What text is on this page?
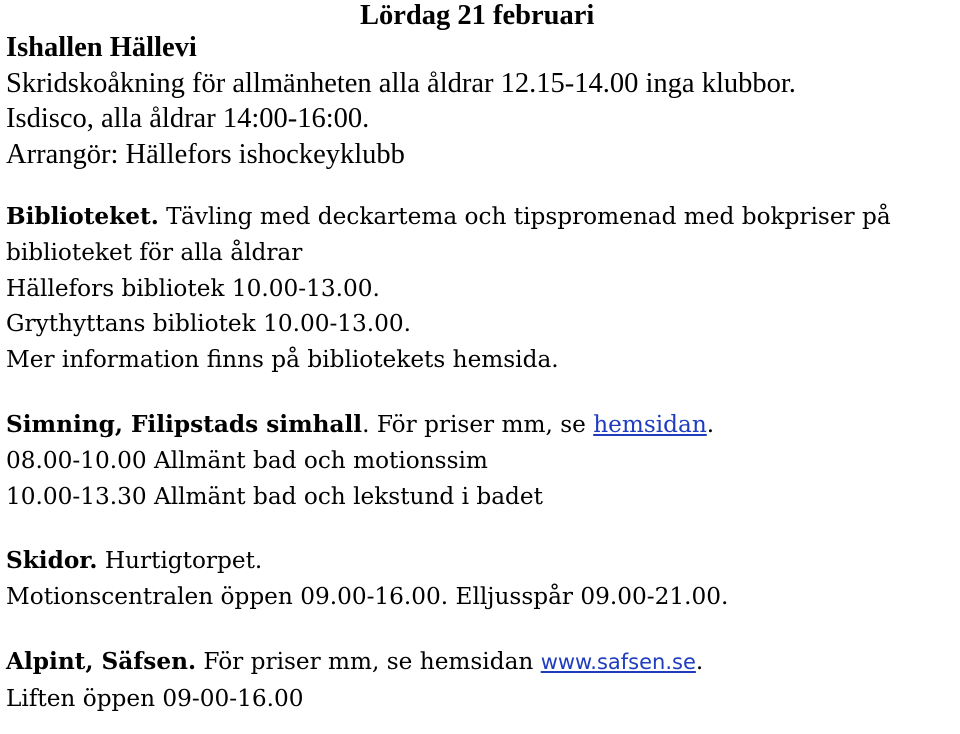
Lördag 21 februari

Ishallen Hällevi

Skridskoåkning för allmänheten alla åldrar 12.15-14.00 inga klubbor.

Isdisco, alla åldrar 14:00-16:00.

Arrangör: Hällefors ishockeyklubb

Biblioteket. Tävling med deckartema och tipspromenad med bokpriser på

biblioteket för alla åldrar

Hällefors bibliotek 10.00-13.00.

Grythyttans bibliotek 10.00-13.00.

Mer information finns på bibliotekets hemsida.

Simning, Filipstads simhall. För priser mm, se hemsidan.

08.00-10.00 Allmänt bad och motionssim

10.00-13.30 Allmänt bad och lekstund i badet

Skidor. Hurtigtorpet.

Motionscentralen öppen 09.00-16.00. Elljusspår 09.00-21.00.

Alpint, Säfsen. För priser mm, se hemsidan www.safsen.se.

Liften öppen 09-00-16.00
